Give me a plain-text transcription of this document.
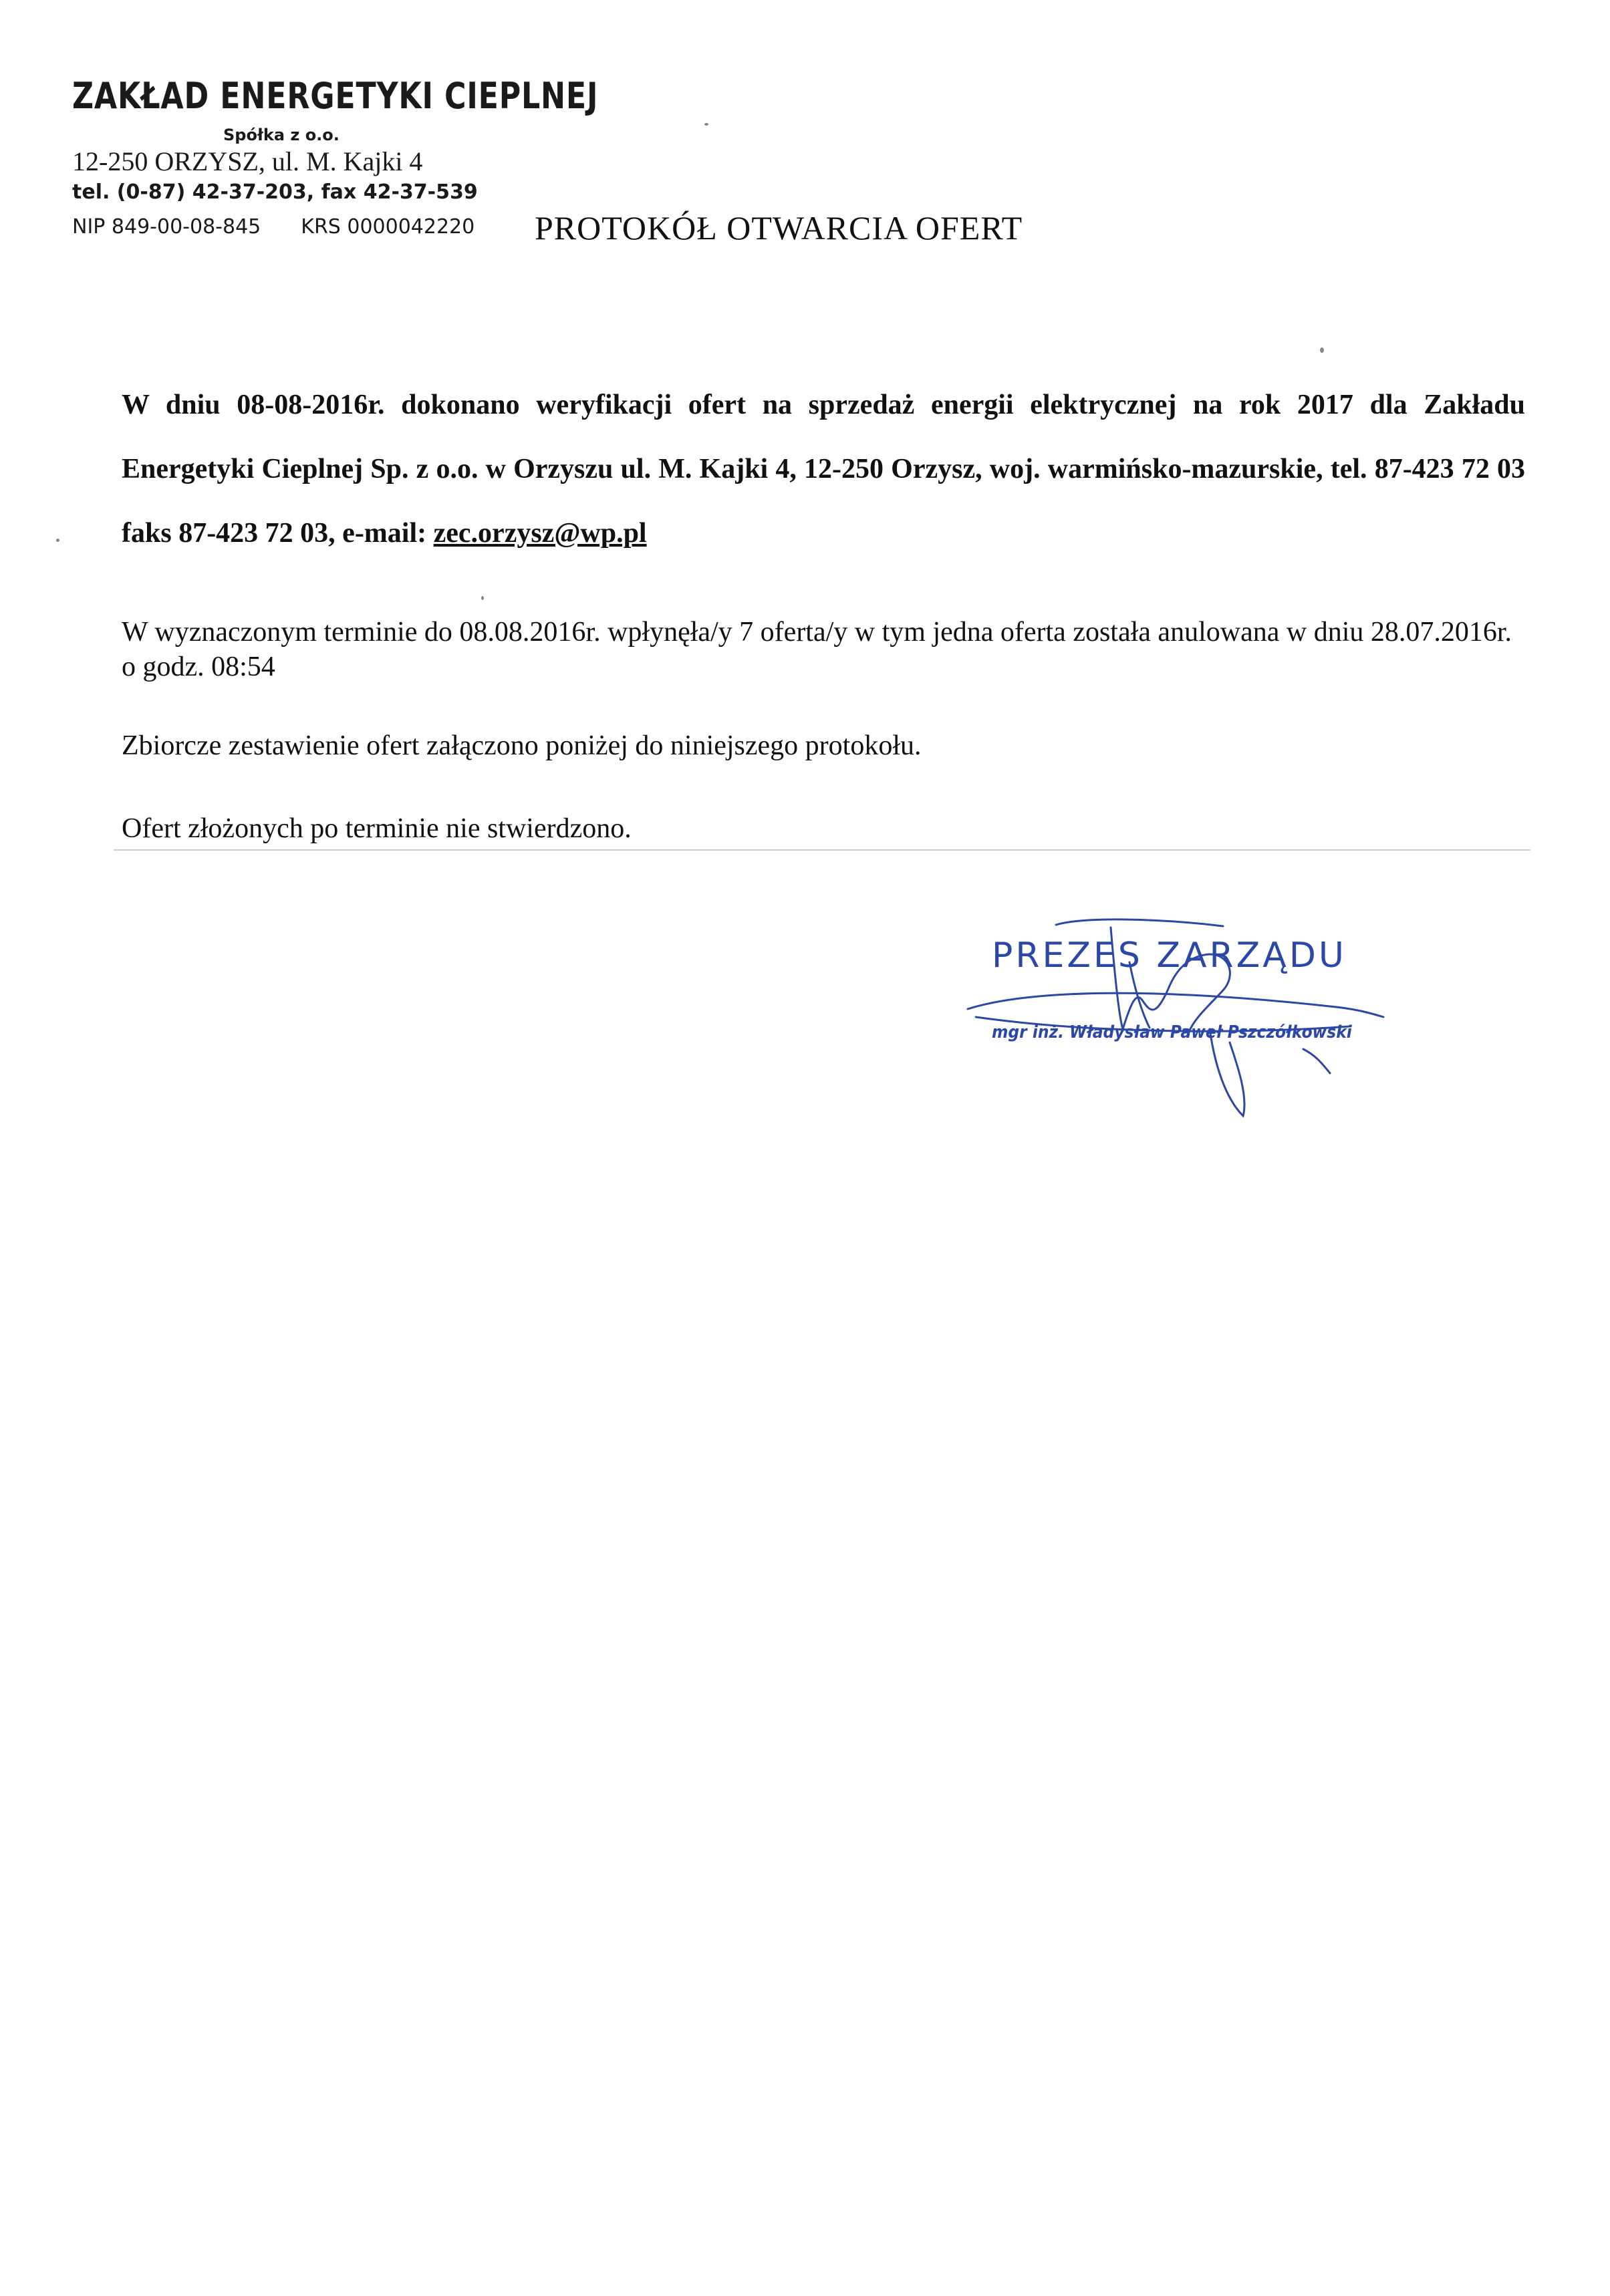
ZAKŁAD ENERGETYKI CIEPLNEJ
Spółka z o.o.
12-250 ORZYSZ, ul. M. Kajki 4
tel. (0-87) 42-37-203, fax 42-37-539
NIP 849-00-08-845 KRS 0000042220 PROTOKÓŁ OTWARCIA OFERT

W dniu 08-08-2016r. dokonano weryfikacji ofert na sprzedaż energii elektrycznej na rok 2017 dla Zakładu Energetyki Cieplnej Sp. z o.o. w Orzyszu ul. M. Kajki 4, 12-250 Orzysz, woj. warmińsko-mazurskie, tel. 87-423 72 03 faks 87-423 72 03, e-mail: zec.orzysz@wp.pl

W wyznaczonym terminie do 08.08.2016r. wpłynęła/y 7 oferta/y w tym jedna oferta została anulowana w dniu 28.07.2016r. o godz. 08:54

Zbiorcze zestawienie ofert załączono poniżej do niniejszego protokołu.

Ofert złożonych po terminie nie stwierdzono.

PREZES ZARZĄDU
mgr inż. Władysław Paweł Pszczółkowski
